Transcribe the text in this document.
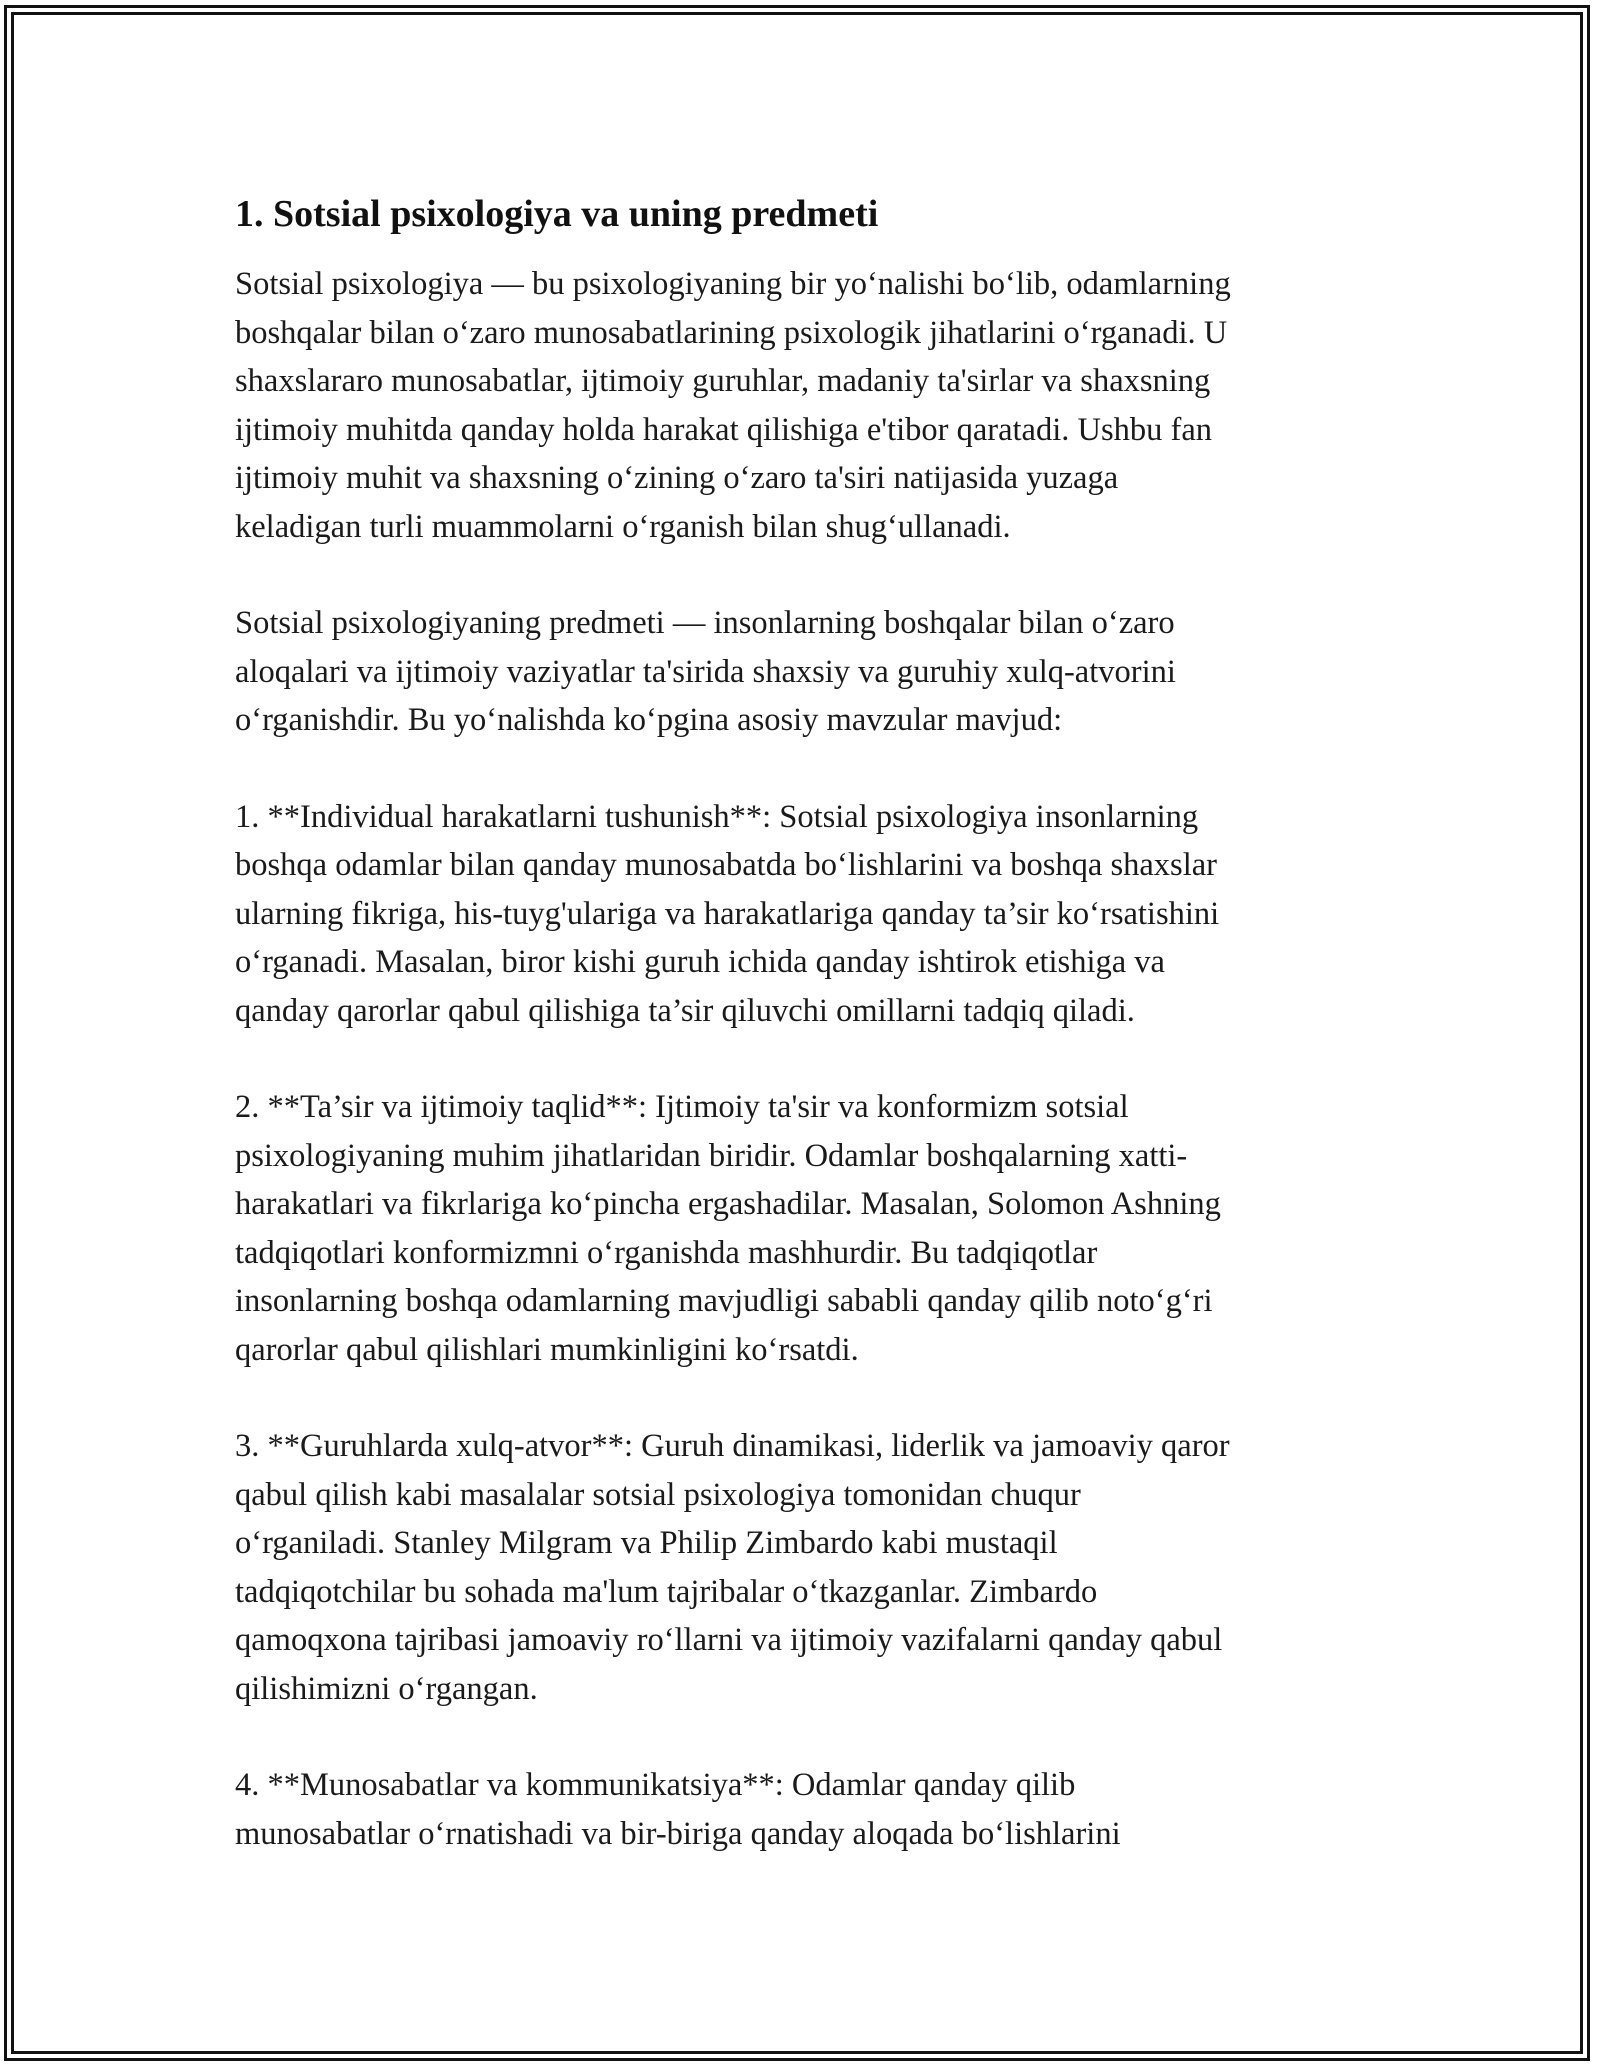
1. Sotsial psixologiya va uning predmeti
Sotsial psixologiya — bu psixologiyaning bir yo‘nalishi bo‘lib, odamlarning
boshqalar bilan o‘zaro munosabatlarining psixologik jihatlarini o‘rganadi. U
shaxslararo munosabatlar, ijtimoiy guruhlar, madaniy ta'sirlar va shaxsning
ijtimoiy muhitda qanday holda harakat qilishiga e'tibor qaratadi. Ushbu fan
ijtimoiy muhit va shaxsning o‘zining o‘zaro ta'siri natijasida yuzaga
keladigan turli muammolarni o‘rganish bilan shug‘ullanadi.
Sotsial psixologiyaning predmeti — insonlarning boshqalar bilan o‘zaro
aloqalari va ijtimoiy vaziyatlar ta'sirida shaxsiy va guruhiy xulq-atvorini
o‘rganishdir. Bu yo‘nalishda ko‘pgina asosiy mavzular mavjud:
1. **Individual harakatlarni tushunish**: Sotsial psixologiya insonlarning
boshqa odamlar bilan qanday munosabatda bo‘lishlarini va boshqa shaxslar
ularning fikriga, his-tuyg'ulariga va harakatlariga qanday ta’sir ko‘rsatishini
o‘rganadi. Masalan, biror kishi guruh ichida qanday ishtirok etishiga va
qanday qarorlar qabul qilishiga ta’sir qiluvchi omillarni tadqiq qiladi.
2. **Ta’sir va ijtimoiy taqlid**: Ijtimoiy ta'sir va konformizm sotsial
psixologiyaning muhim jihatlaridan biridir. Odamlar boshqalarning xatti-
harakatlari va fikrlariga ko‘pincha ergashadilar. Masalan, Solomon Ashning
tadqiqotlari konformizmni o‘rganishda mashhurdir. Bu tadqiqotlar
insonlarning boshqa odamlarning mavjudligi sababli qanday qilib noto‘g‘ri
qarorlar qabul qilishlari mumkinligini ko‘rsatdi.
3. **Guruhlarda xulq-atvor**: Guruh dinamikasi, liderlik va jamoaviy qaror
qabul qilish kabi masalalar sotsial psixologiya tomonidan chuqur
o‘rganiladi. Stanley Milgram va Philip Zimbardo kabi mustaqil
tadqiqotchilar bu sohada ma'lum tajribalar o‘tkazganlar. Zimbardo
qamoqxona tajribasi jamoaviy ro‘llarni va ijtimoiy vazifalarni qanday qabul
qilishimizni o‘rgangan.
4. **Munosabatlar va kommunikatsiya**: Odamlar qanday qilib
munosabatlar o‘rnatishadi va bir-biriga qanday aloqada bo‘lishlarini
